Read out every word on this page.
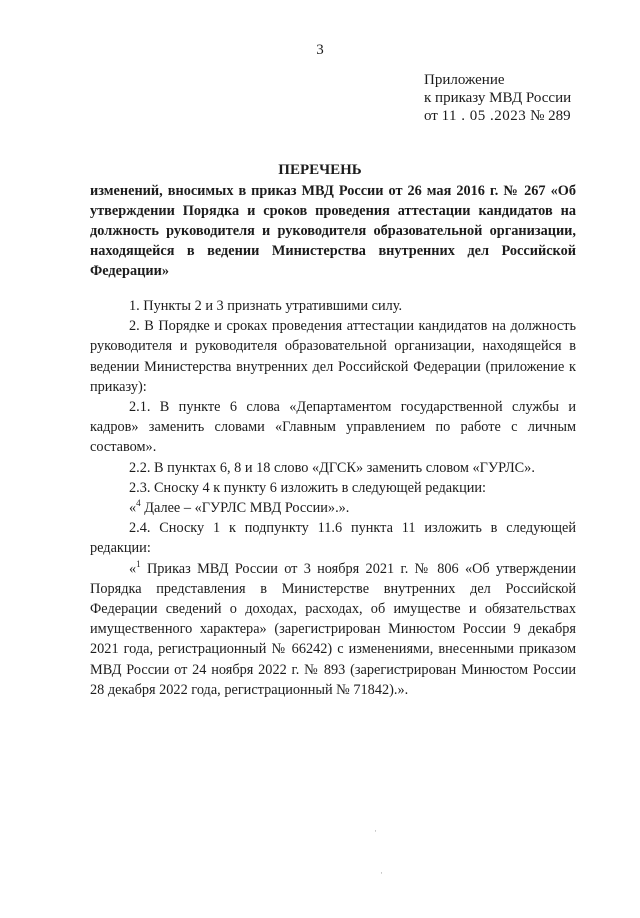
3
Приложение
к приказу МВД России
от 11 . 05 .2023 № 289
ПЕРЕЧЕНЬ
изменений, вносимых в приказ МВД России от 26 мая 2016 г. № 267 «Об утверждении Порядка и сроков проведения аттестации кандидатов на должность руководителя и руководителя образовательной организации, находящейся в ведении Министерства внутренних дел Российской Федерации»

1. Пункты 2 и 3 признать утратившими силу.

2. В Порядке и сроках проведения аттестации кандидатов на должность руководителя и руководителя образовательной организации, находящейся в ведении Министерства внутренних дел Российской Федерации (приложение к приказу):

2.1. В пункте 6 слова «Департаментом государственной службы и кадров» заменить словами «Главным управлением по работе с личным составом».

2.2. В пунктах 6, 8 и 18 слово «ДГСК» заменить словом «ГУРЛС».

2.3. Сноску 4 к пункту 6 изложить в следующей редакции:

«$^4$ Далее – «ГУРЛС МВД России».».

2.4. Сноску 1 к подпункту 11.6 пункта 11 изложить в следующей редакции:

«$^1$ Приказ МВД России от 3 ноября 2021 г. № 806 «Об утверждении Порядка представления в Министерстве внутренних дел Российской Федерации сведений о доходах, расходах, об имуществе и обязательствах имущественного характера» (зарегистрирован Минюстом России 9 декабря 2021 года, регистрационный № 66242) с изменениями, внесенными приказом МВД России от 24 ноября 2022 г. № 893 (зарегистрирован Минюстом России 28 декабря 2022 года, регистрационный № 71842).».

·
·
